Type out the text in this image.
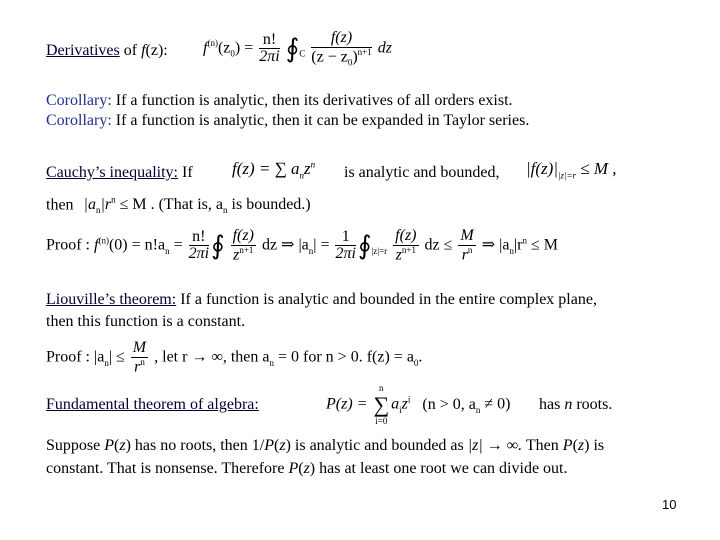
Derivatives of f(z): $f^{(n)}(z_0) = \frac{n!}{2\pi i}$ $∮_C \frac{f(z)}{(z - z_0)^{n+1}}$ dz
Corollary: If a function is analytic, then its derivatives of all orders exist.
Corollary: If a function is analytic, then it can be expanded in Taylor series.
Cauchy’s inequality: If f(z) = ∑ $a_nz^n$ is analytic and bounded, $|f(z)|_{|z|=r} \le M$ ,
then $|a_n|r^n \le M$ . (That is, $a_n$ is bounded.)
Proof : $f^{(n)}(0) = n!a_n = \frac{n!}{2\pi i}$ ∮ $\frac{f(z)}{z^{n+1}}$ dz ⇒ $|a_n| = \frac{1}{2\pi i}$ $∮_{|z|=r} \frac{f(z)}{z^{n+1}}$ dz ≤ $\frac{M}{r^n}$ ⇒ $|a_n|r^n \le M$
Liouville’s theorem: If a function is analytic and bounded in the entire complex plane,
then this function is a constant.
Proof : $|a_n| \le \frac{M}{r^n}$ , let r → ∞, then $a_n = 0$ for n > 0. $f(z) = a_0$.
Fundamental theorem of algebra:	P(z) =
n
∑
i=0
$a_iz^i$ (n > 0, $a_n \ne 0$) has n roots.
Suppose P(z) has no roots, then 1/P(z) is analytic and bounded as |z| → ∞. Then P(z) is
constant. That is nonsense. Therefore P(z) has at least one root we can divide out.
10
